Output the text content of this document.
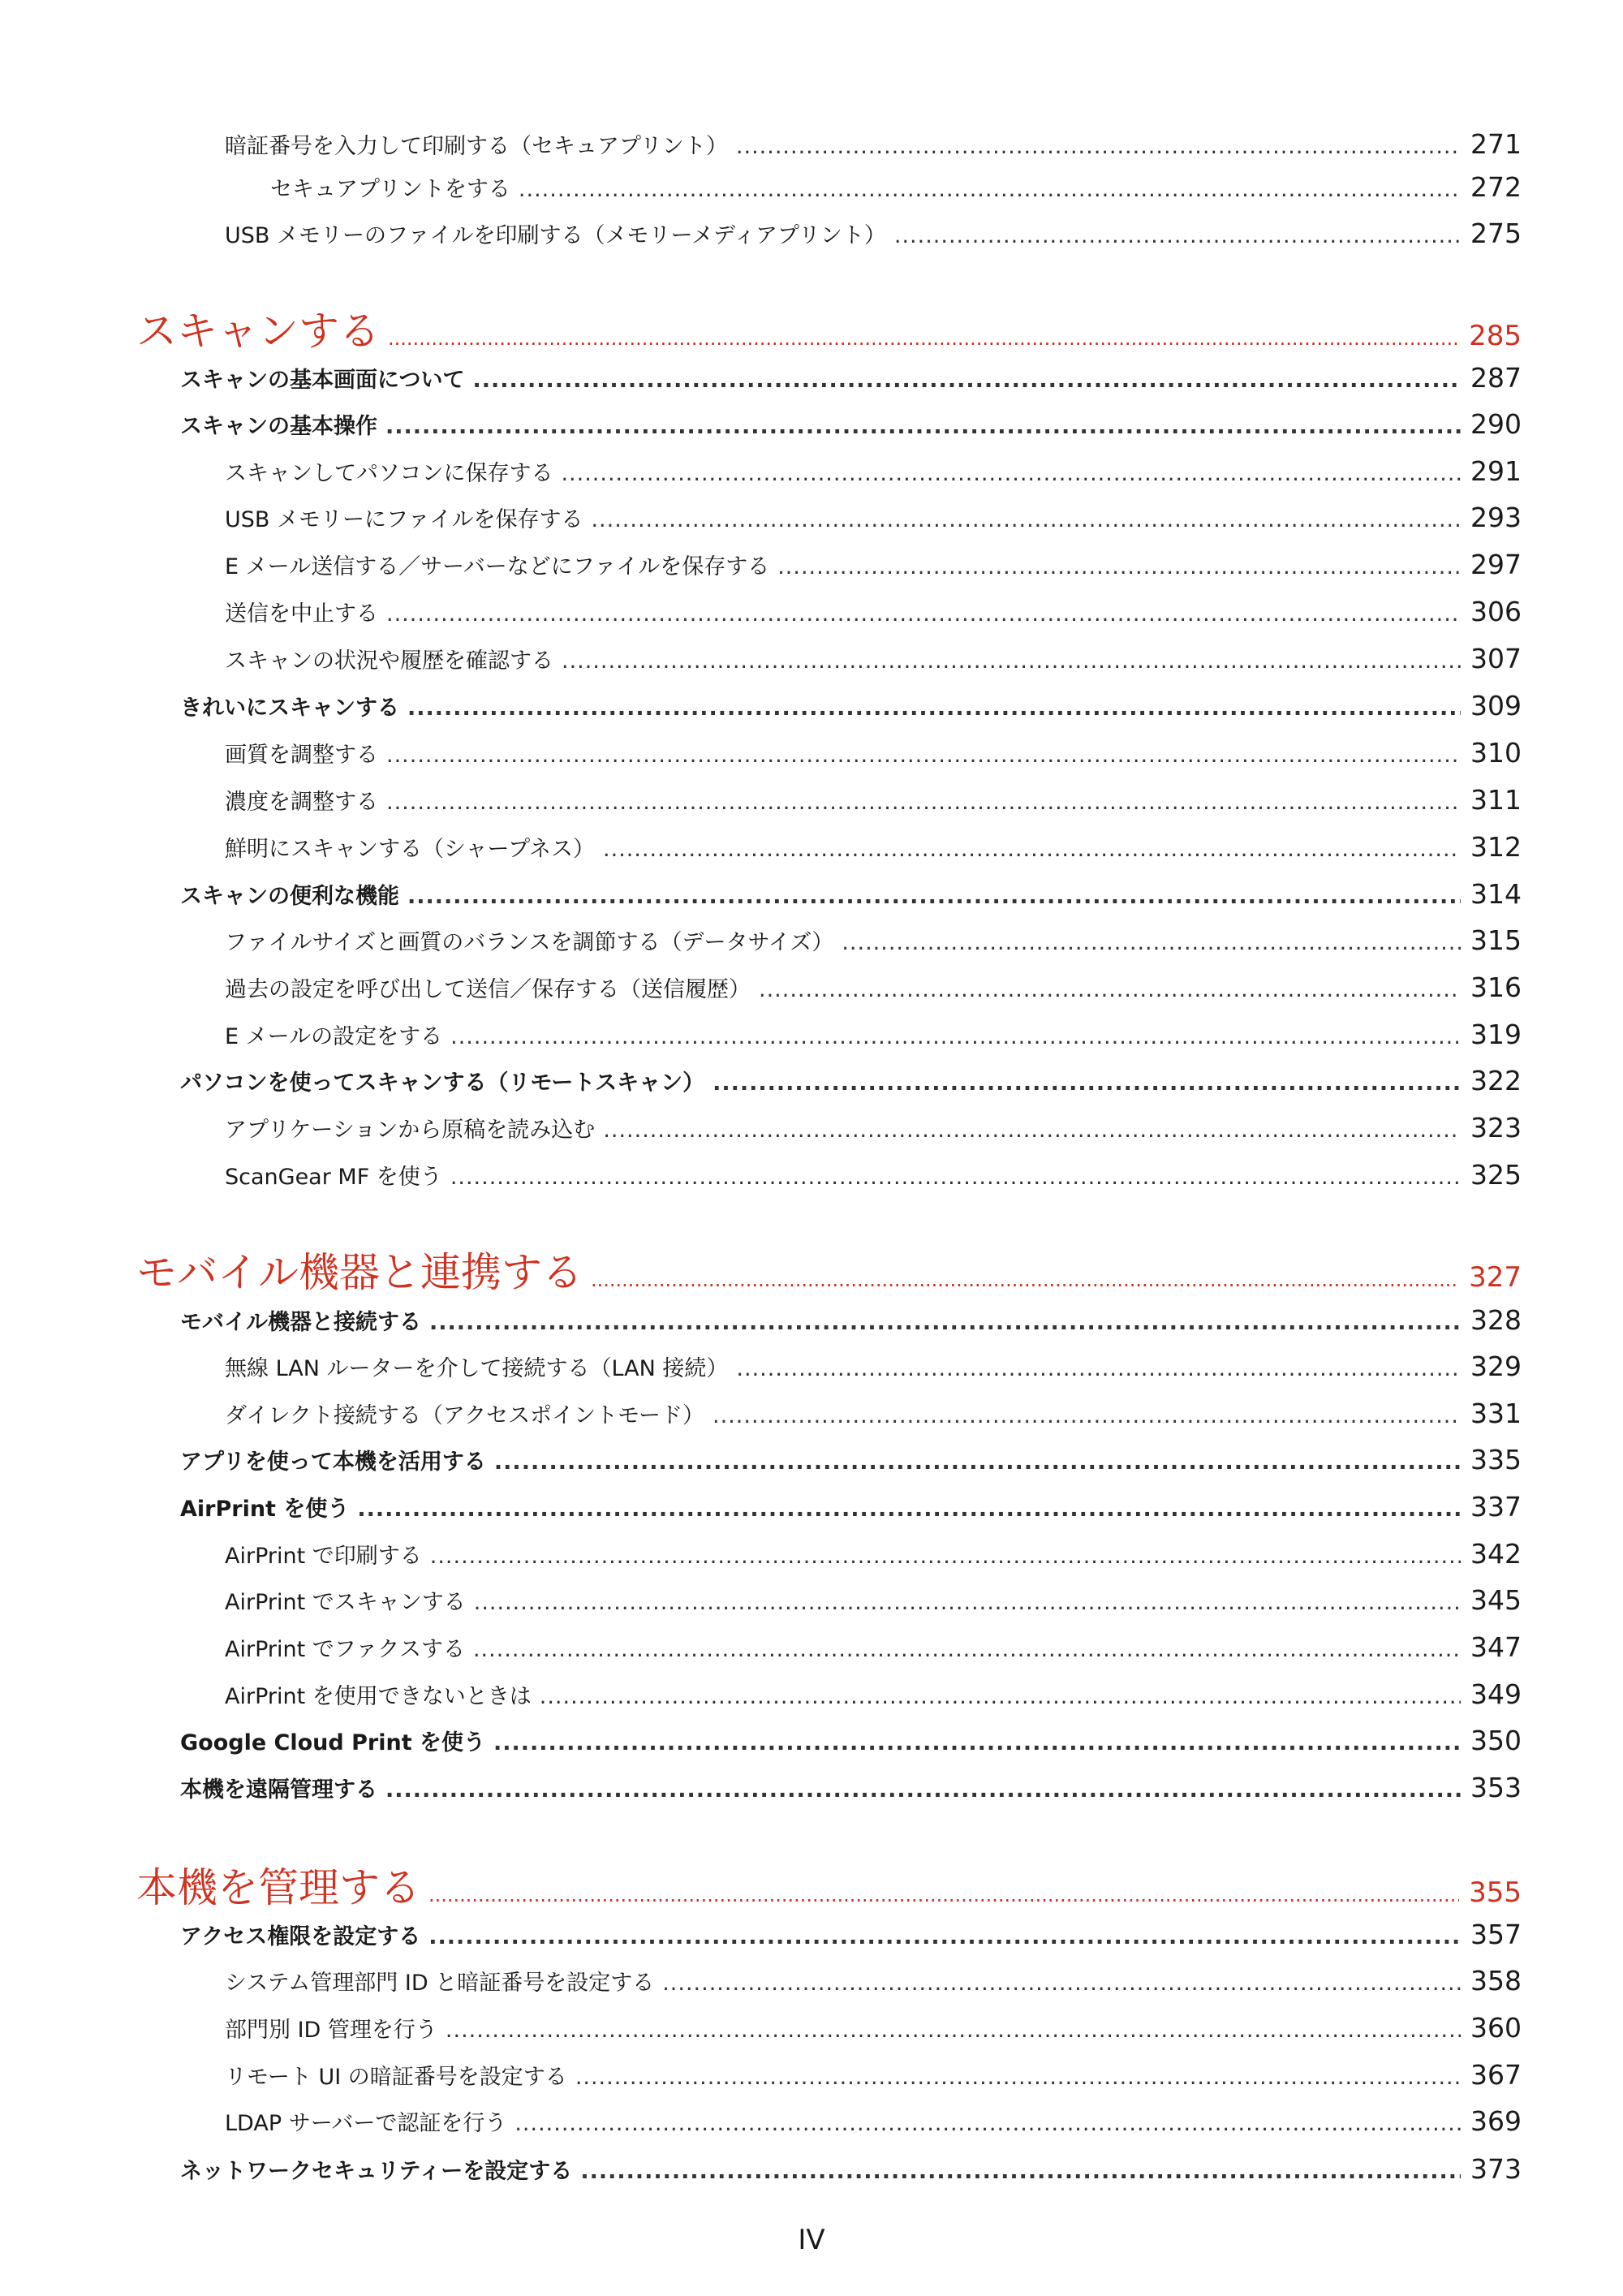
暗証番号を入力して印刷する（セキュアプリント） .....	271
セキュアプリントをする .....	272
USB メモリーのファイルを印刷する（メモリーメディアプリント） .....	275
スキャンする .....	285
スキャンの基本画面について .....	287
スキャンの基本操作 .....	290
スキャンしてパソコンに保存する .....	291
USB メモリーにファイルを保存する .....	293
E メール送信する／サーバーなどにファイルを保存する .....	297
送信を中止する .....	306
スキャンの状況や履歴を確認する .....	307
きれいにスキャンする .....	309
画質を調整する .....	310
濃度を調整する .....	311
鮮明にスキャンする（シャープネス） .....	312
スキャンの便利な機能 .....	314
ファイルサイズと画質のバランスを調節する（データサイズ） .....	315
過去の設定を呼び出して送信／保存する（送信履歴） .....	316
E メールの設定をする .....	319
パソコンを使ってスキャンする（リモートスキャン） .....	322
アプリケーションから原稿を読み込む .....	323
ScanGear MF を使う .....	325
モバイル機器と連携する .....	327
モバイル機器と接続する .....	328
無線 LAN ルーターを介して接続する（LAN 接続） .....	329
ダイレクト接続する（アクセスポイントモード） .....	331
アプリを使って本機を活用する .....	335
AirPrint を使う .....	337
AirPrint で印刷する .....	342
AirPrint でスキャンする .....	345
AirPrint でファクスする .....	347
AirPrint を使用できないときは .....	349
Google Cloud Print を使う .....	350
本機を遠隔管理する .....	353
本機を管理する .....	355
アクセス権限を設定する .....	357
システム管理部門 ID と暗証番号を設定する .....	358
部門別 ID 管理を行う .....	360
リモート UI の暗証番号を設定する .....	367
LDAP サーバーで認証を行う .....	369
ネットワークセキュリティーを設定する .....	373
IV
